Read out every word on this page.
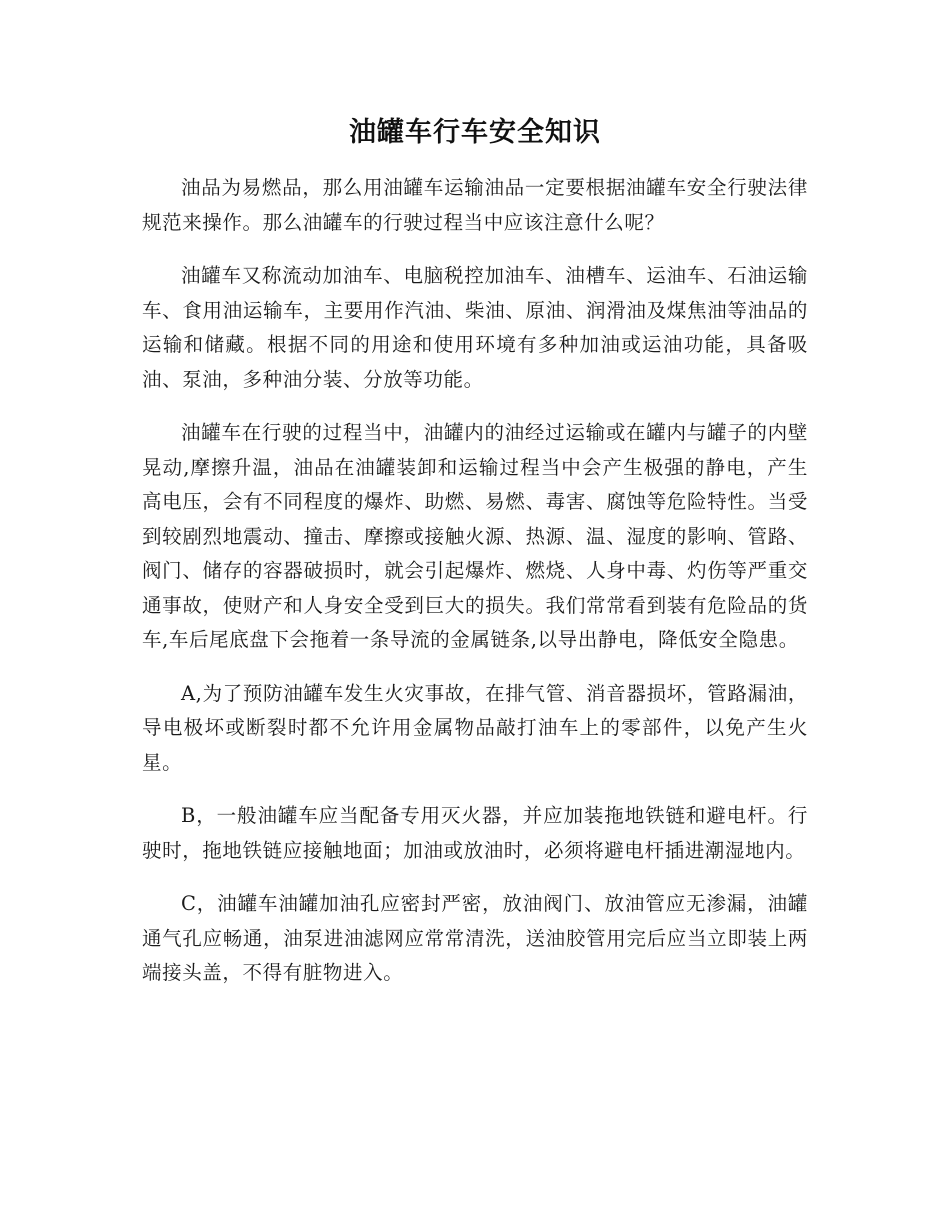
油罐车行车安全知识

油品为易燃品，那么用油罐车运输油品一定要根据油罐车安全行驶法律规范来操作。那么油罐车的行驶过程当中应该注意什么呢？

油罐车又称流动加油车、电脑税控加油车、油槽车、运油车、石油运输车、食用油运输车，主要用作汽油、柴油、原油、润滑油及煤焦油等油品的运输和储藏。根据不同的用途和使用环境有多种加油或运油功能，具备吸油、泵油，多种油分装、分放等功能。

油罐车在行驶的过程当中，油罐内的油经过运输或在罐内与罐子的内壁晃动,摩擦升温，油品在油罐装卸和运输过程当中会产生极强的静电，产生高电压，会有不同程度的爆炸、助燃、易燃、毒害、腐蚀等危险特性。当受到较剧烈地震动、撞击、摩擦或接触火源、热源、温、湿度的影响、管路、阀门、储存的容器破损时，就会引起爆炸、燃烧、人身中毒、灼伤等严重交通事故，使财产和人身安全受到巨大的损失。我们常常看到装有危险品的货车,车后尾底盘下会拖着一条导流的金属链条,以导出静电，降低安全隐患。

A,为了预防油罐车发生火灾事故，在排气管、消音器损坏，管路漏油，导电极坏或断裂时都不允许用金属物品敲打油车上的零部件，以免产生火星。

B，一般油罐车应当配备专用灭火器，并应加装拖地铁链和避电杆。行驶时，拖地铁链应接触地面；加油或放油时，必须将避电杆插进潮湿地内。

C，油罐车油罐加油孔应密封严密，放油阀门、放油管应无渗漏，油罐通气孔应畅通，油泵进油滤网应常常清洗，送油胶管用完后应当立即装上两端接头盖，不得有脏物进入。
